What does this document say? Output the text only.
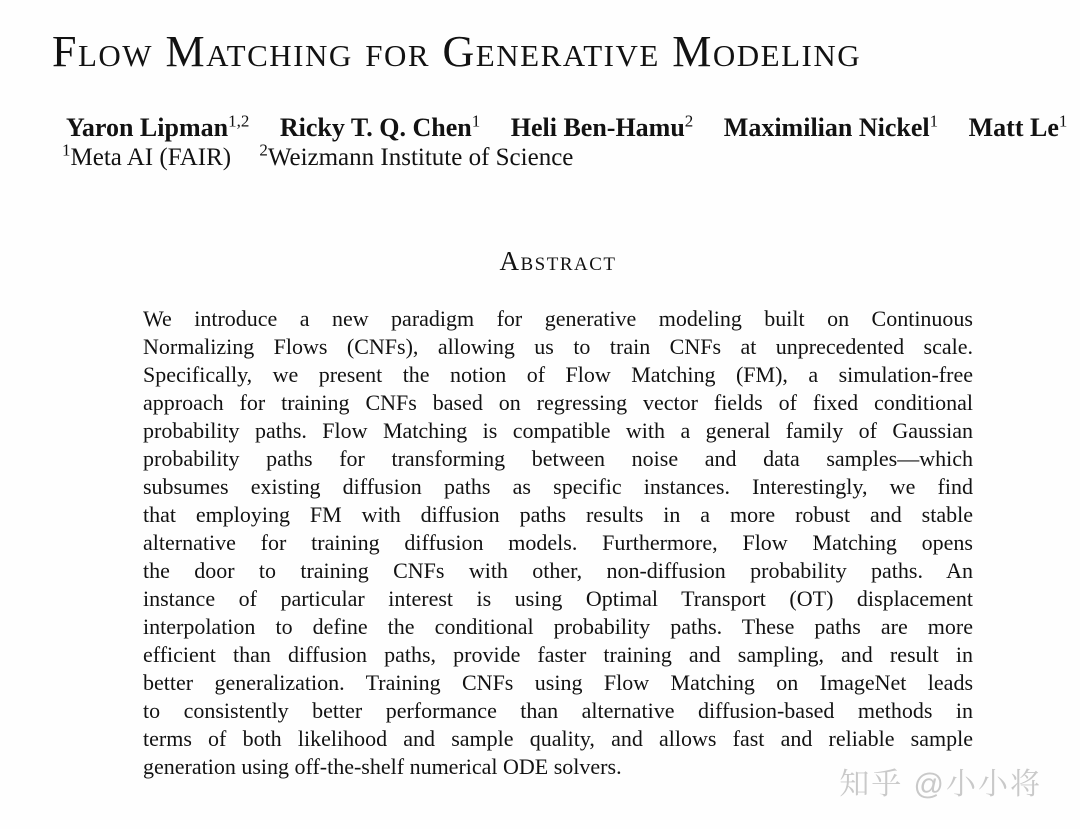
Flow Matching for Generative Modeling
Yaron Lipman$^{1,2}$ Ricky T. Q. Chen$^1$ Heli Ben-Hamu$^2$ Maximilian Nickel$^1$ Matt Le$^1$
$^1$Meta AI (FAIR) $^2$Weizmann Institute of Science
Abstract
We introduce a new paradigm for generative modeling built on Continuous
Normalizing Flows (CNFs), allowing us to train CNFs at unprecedented scale.
Specifically, we present the notion of Flow Matching (FM), a simulation-free
approach for training CNFs based on regressing vector fields of fixed conditional
probability paths. Flow Matching is compatible with a general family of Gaussian
probability paths for transforming between noise and data samples—which
subsumes existing diffusion paths as specific instances. Interestingly, we find
that employing FM with diffusion paths results in a more robust and stable
alternative for training diffusion models. Furthermore, Flow Matching opens
the door to training CNFs with other, non-diffusion probability paths. An
instance of particular interest is using Optimal Transport (OT) displacement
interpolation to define the conditional probability paths. These paths are more
efficient than diffusion paths, provide faster training and sampling, and result in
better generalization. Training CNFs using Flow Matching on ImageNet leads
to consistently better performance than alternative diffusion-based methods in
terms of both likelihood and sample quality, and allows fast and reliable sample
generation using off-the-shelf numerical ODE solvers.
知乎 @小小将
